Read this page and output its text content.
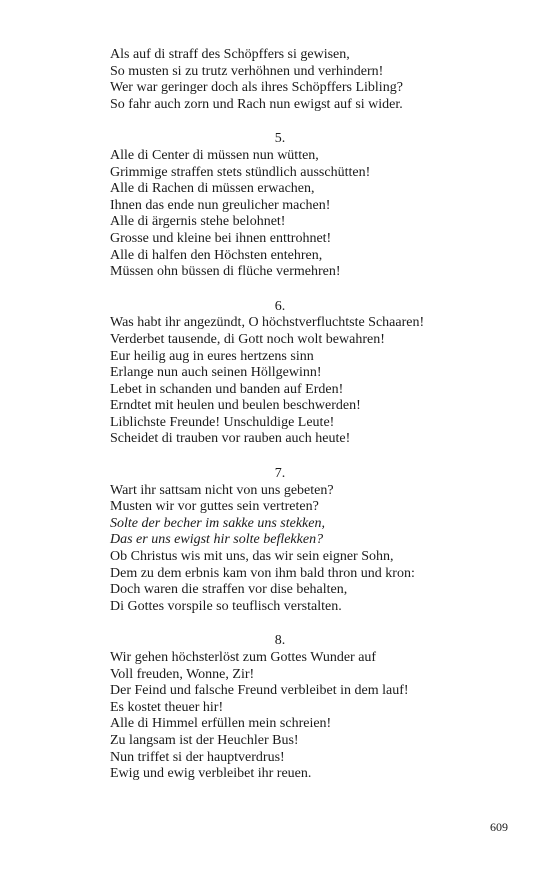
Als auf di straff des Schöpffers si gewisen,

So musten si zu trutz verhöhnen und verhindern!

Wer war geringer doch als ihres Schöpffers Libling?

So fahr auch zorn und Rach nun ewigst auf si wider.

5.

Alle di Center di müssen nun wütten,

Grimmige straffen stets stündlich ausschütten!

Alle di Rachen di müssen erwachen,

Ihnen das ende nun greulicher machen!

Alle di ärgernis stehe belohnet!

Grosse und kleine bei ihnen enttrohnet!

Alle di halfen den Höchsten entehren,

Müssen ohn büssen di flüche vermehren!

6.

Was habt ihr angezündt, O höchstverfluchtste Schaaren!

Verderbet tausende, di Gott noch wolt bewahren!

Eur heilig aug in eures hertzens sinn

Erlange nun auch seinen Höllgewinn!

Lebet in schanden und banden auf Erden!

Erndtet mit heulen und beulen beschwerden!

Liblichste Freunde! Unschuldige Leute!

Scheidet di trauben vor rauben auch heute!

7.

Wart ihr sattsam nicht von uns gebeten?

Musten wir vor guttes sein vertreten?

Solte der becher im sakke uns stekken,

Das er uns ewigst hir solte beflekken?

Ob Christus wis mit uns, das wir sein eigner Sohn,

Dem zu dem erbnis kam von ihm bald thron und kron:

Doch waren die straffen vor dise behalten,

Di Gottes vorspile so teuflisch verstalten.

8.

Wir gehen höchsterlöst zum Gottes Wunder auf

Voll freuden, Wonne, Zir!

Der Feind und falsche Freund verbleibet in dem lauf!

Es kostet theuer hir!

Alle di Himmel erfüllen mein schreien!

Zu langsam ist der Heuchler Bus!

Nun triffet si der hauptverdrus!

Ewig und ewig verbleibet ihr reuen.

609
